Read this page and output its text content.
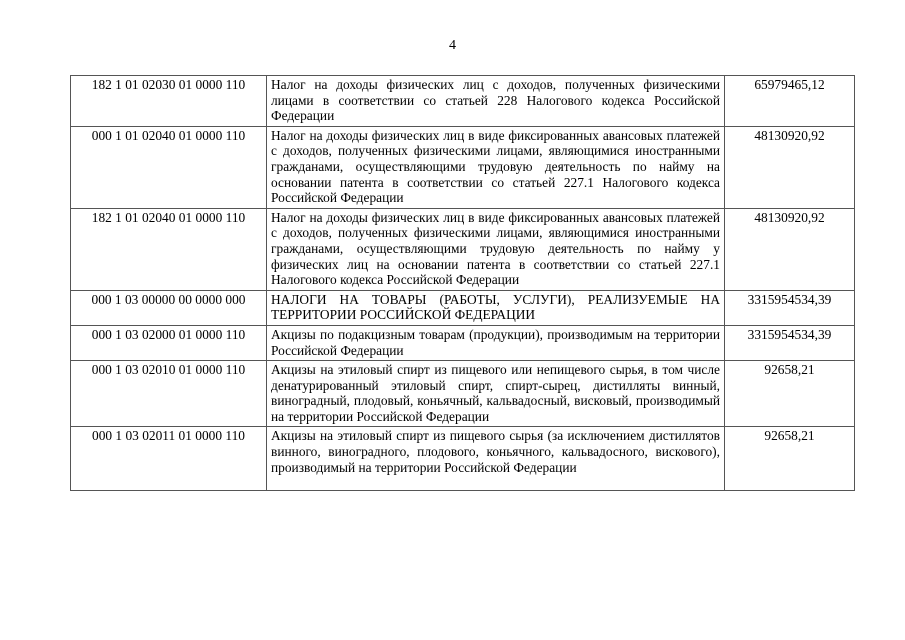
4
182 1 01 02030 01 0000 110	Налог на доходы физических лиц с доходов, полученных физическими лицами в соответствии со статьей 228 Налогового кодекса Российской Федерации	65979465,12
000 1 01 02040 01 0000 110	Налог на доходы физических лиц в виде фиксированных авансовых платежей с доходов, полученных физическими лицами, являющимися иностранными гражданами, осуществляющими трудовую деятельность по найму на основании патента в соответствии со статьей 227.1 Налогового кодекса Российской Федерации	48130920,92
182 1 01 02040 01 0000 110	Налог на доходы физических лиц в виде фиксированных авансовых платежей с доходов, полученных физическими лицами, являющимися иностранными гражданами, осуществляющими трудовую деятельность по найму у физических лиц на основании патента в соответствии со статьей 227.1 Налогового кодекса Российской Федерации	48130920,92
000 1 03 00000 00 0000 000	НАЛОГИ НА ТОВАРЫ (РАБОТЫ, УСЛУГИ), РЕАЛИЗУЕМЫЕ НА ТЕРРИТОРИИ РОССИЙСКОЙ ФЕДЕРАЦИИ	3315954534,39
000 1 03 02000 01 0000 110	Акцизы по подакцизным товарам (продукции), производимым на территории Российской Федерации	3315954534,39
000 1 03 02010 01 0000 110	Акцизы на этиловый спирт из пищевого или непищевого сырья, в том числе денатурированный этиловый спирт, спирт-сырец, дистилляты винный, виноградный, плодовый, коньячный, кальвадосный, висковый, производимый на территории Российской Федерации	92658,21
000 1 03 02011 01 0000 110	Акцизы на этиловый спирт из пищевого сырья (за исключением дистиллятов винного, виноградного, плодового, коньячного, кальвадосного, вискового), производимый на территории Российской Федерации	92658,21
